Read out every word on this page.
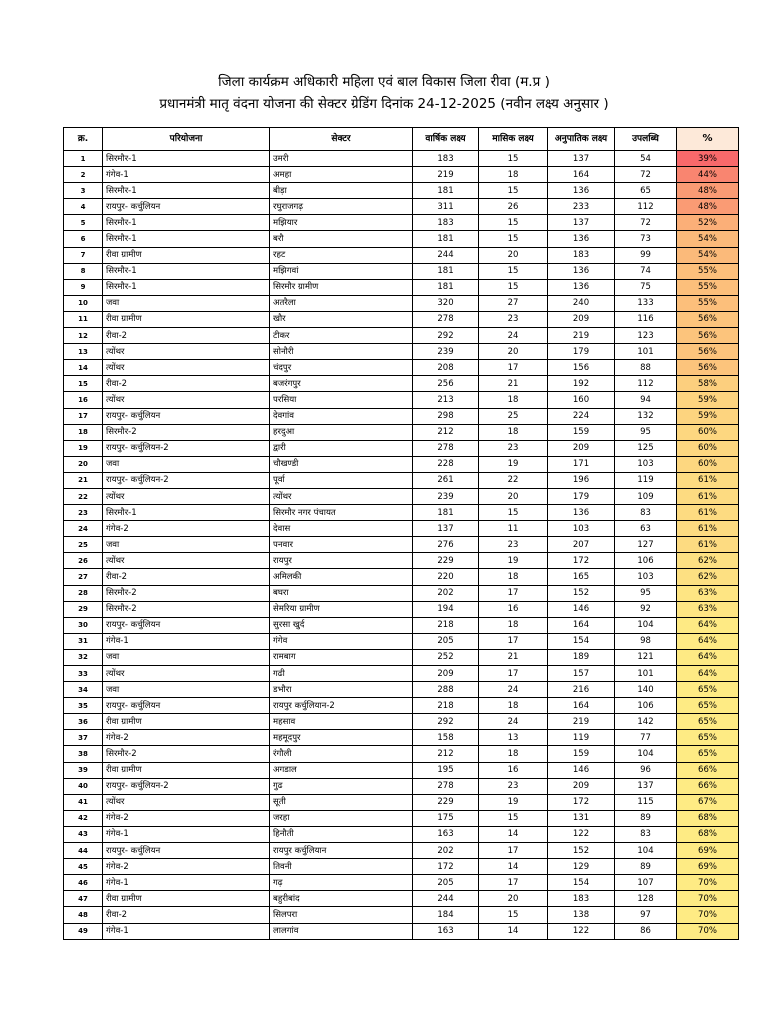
जिला कार्यक्रम अधिकारी महिला एवं बाल विकास जिला रीवा (म.प्र )
प्रधानमंत्री मातृ वंदना योजना की सेक्टर ग्रेडिंग दिनांक 24-12-2025 (नवीन लक्ष्य अनुसार )
क्र.	परियोजना	सेक्टर	वार्षिक लक्ष्य	मासिक लक्ष्य	अनुपातिक लक्ष्य	उपलब्धि	%
1	सिरमौर-1	उमरी	183	15	137	54	39%
2	गंगेव-1	अमहा	219	18	164	72	44%
3	सिरमौर-1	बीड़ा	181	15	136	65	48%
4	रायपुर- कर्चुलियन	रघुराजगढ़	311	26	233	112	48%
5	सिरमौर-1	मझियार	183	15	137	72	52%
6	सिरमौर-1	बरौ	181	15	136	73	54%
7	रीवा ग्रामीण	रहट	244	20	183	99	54%
8	सिरमौर-1	मझिगवां	181	15	136	74	55%
9	सिरमौर-1	सिरमौर ग्रामीण	181	15	136	75	55%
10	जवा	अतरैला	320	27	240	133	55%
11	रीवा ग्रामीण	खौर	278	23	209	116	56%
12	रीवा-2	टीकर	292	24	219	123	56%
13	त्योंथर	सोनौरी	239	20	179	101	56%
14	त्योंथर	चंदपुर	208	17	156	88	56%
15	रीवा-2	बजरंगपुर	256	21	192	112	58%
16	त्योंथर	परसिया	213	18	160	94	59%
17	रायपुर- कर्चुलियन	देवगांव	298	25	224	132	59%
18	सिरमौर-2	हरदुआ	212	18	159	95	60%
19	रायपुर- कर्चुलियन-2	द्वारी	278	23	209	125	60%
20	जवा	चौखण्डी	228	19	171	103	60%
21	रायपुर- कर्चुलियन-2	पूर्वा	261	22	196	119	61%
22	त्योंथर	त्योंथर	239	20	179	109	61%
23	सिरमौर-1	सिरमौर नगर पंचायत	181	15	136	83	61%
24	गंगेव-2	देवास	137	11	103	63	61%
25	जवा	पनवार	276	23	207	127	61%
26	त्योंथर	रायपुर	229	19	172	106	62%
27	रीवा-2	अमिलकी	220	18	165	103	62%
28	सिरमौर-2	बघरा	202	17	152	95	63%
29	सिरमौर-2	सेमरिया ग्रामीण	194	16	146	92	63%
30	रायपुर- कर्चुलियन	सुरसा खुर्द	218	18	164	104	64%
31	गंगेव-1	गंगेव	205	17	154	98	64%
32	जवा	रामबाग	252	21	189	121	64%
33	त्योंथर	गढी	209	17	157	101	64%
34	जवा	डभौरा	288	24	216	140	65%
35	रायपुर- कर्चुलियन	रायपुर कर्चुलियान-2	218	18	164	106	65%
36	रीवा ग्रामीण	महसाव	292	24	219	142	65%
37	गंगेव-2	महमूदपुर	158	13	119	77	65%
38	सिरमौर-2	रंगौली	212	18	159	104	65%
39	रीवा ग्रामीण	अगडाल	195	16	146	96	66%
40	रायपुर- कर्चुलियन-2	गुढ	278	23	209	137	66%
41	त्योंथर	सूती	229	19	172	115	67%
42	गंगेव-2	जरहा	175	15	131	89	68%
43	गंगेव-1	हिनौती	163	14	122	83	68%
44	रायपुर- कर्चुलियन	रायपुर कर्चुलियान	202	17	152	104	69%
45	गंगेव-2	तिवनी	172	14	129	89	69%
46	गंगेव-1	गढ़	205	17	154	107	70%
47	रीवा ग्रामीण	बहुरीबांद	244	20	183	128	70%
48	रीवा-2	सिलपरा	184	15	138	97	70%
49	गंगेव-1	लालगांव	163	14	122	86	70%
